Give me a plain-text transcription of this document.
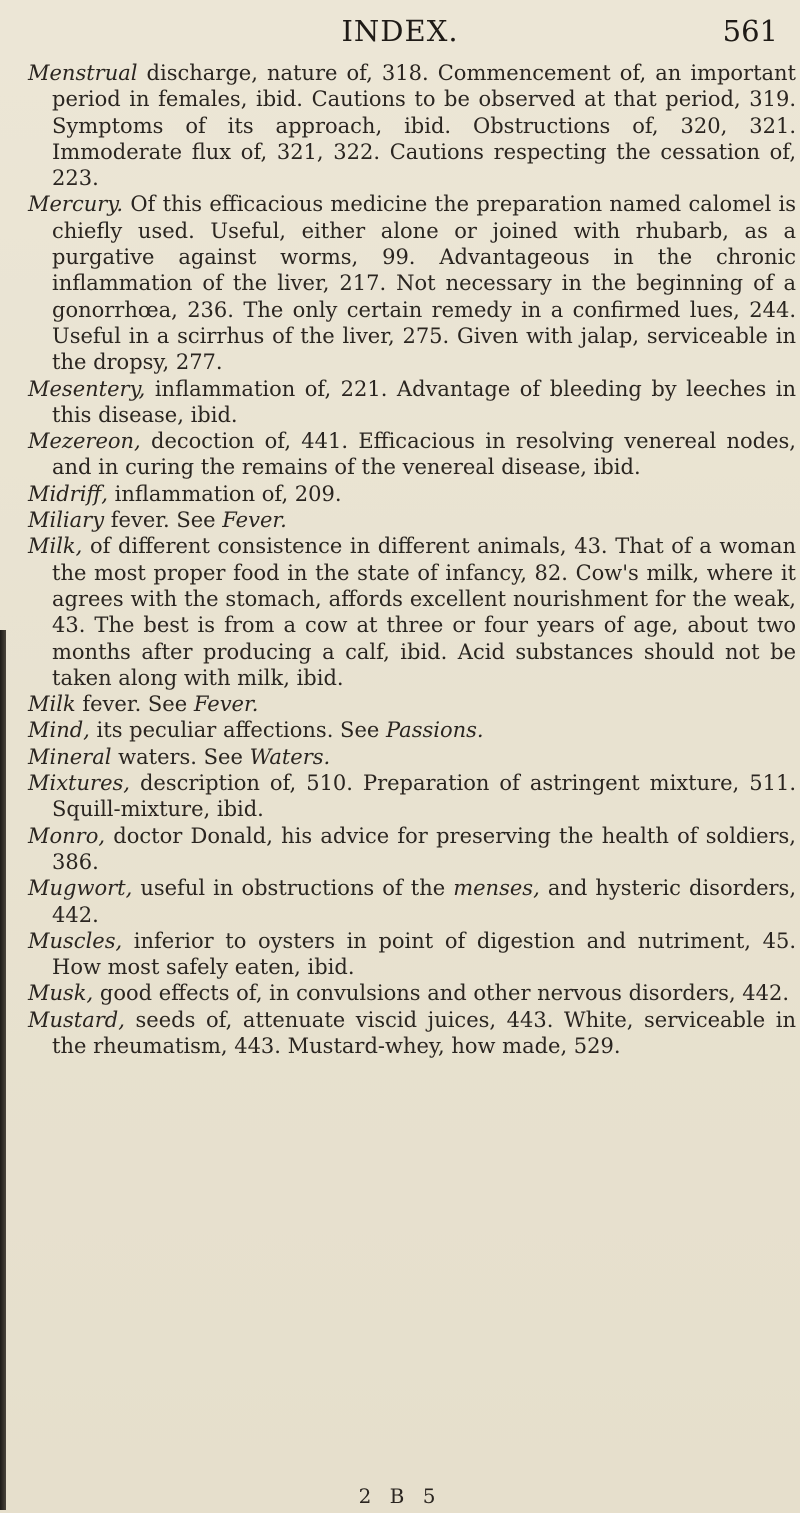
INDEX.	561

Menstrual discharge, nature of, 318. Commencement of, an important period in females, ibid. Cautions to be observed at that period, 319. Symptoms of its approach, ibid. Obstructions of, 320, 321. Immoderate flux of, 321, 322. Cautions respecting the cessation of, 223.

Mercury. Of this efficacious medicine the preparation named calomel is chiefly used. Useful, either alone or joined with rhubarb, as a purgative against worms, 99. Advantageous in the chronic inflammation of the liver, 217. Not necessary in the beginning of a gonorrhœa, 236. The only certain remedy in a confirmed lues, 244. Useful in a scirrhus of the liver, 275. Given with jalap, serviceable in the dropsy, 277.

Mesentery, inflammation of, 221. Advantage of bleeding by leeches in this disease, ibid.

Mezereon, decoction of, 441. Efficacious in resolving venereal nodes, and in curing the remains of the venereal disease, ibid.

Midriff, inflammation of, 209.

Miliary fever. See Fever.

Milk, of different consistence in different animals, 43. That of a woman the most proper food in the state of infancy, 82. Cow's milk, where it agrees with the stomach, affords excellent nourishment for the weak, 43. The best is from a cow at three or four years of age, about two months after producing a calf, ibid. Acid substances should not be taken along with milk, ibid.

Milk fever. See Fever.

Mind, its peculiar affections. See Passions.

Mineral waters. See Waters.

Mixtures, description of, 510. Preparation of astringent mixture, 511. Squill-mixture, ibid.

Monro, doctor Donald, his advice for preserving the health of soldiers, 386.

Mugwort, useful in obstructions of the menses, and hysteric disorders, 442.

Muscles, inferior to oysters in point of digestion and nutriment, 45. How most safely eaten, ibid.

Musk, good effects of, in convulsions and other nervous disorders, 442.

Mustard, seeds of, attenuate viscid juices, 443. White, serviceable in the rheumatism, 443. Mustard-whey, how made, 529.

2 B 5
